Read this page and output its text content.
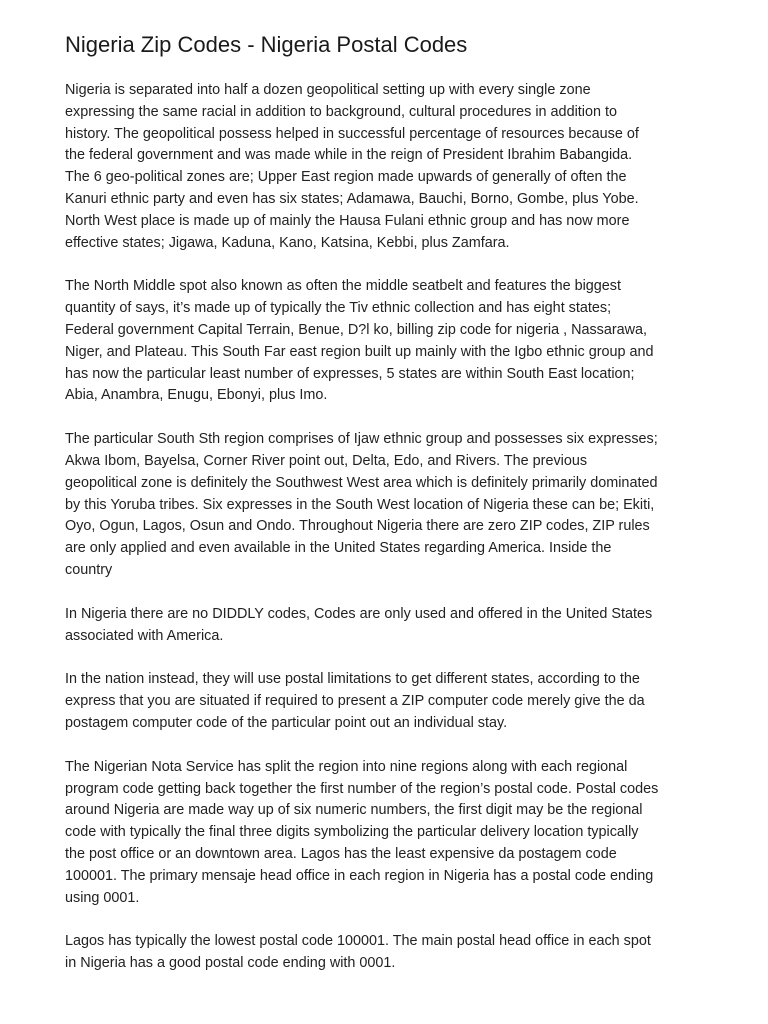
Nigeria Zip Codes - Nigeria Postal Codes

Nigeria is separated into half a dozen geopolitical setting up with every single zone
expressing the same racial in addition to background, cultural procedures in addition to
history. The geopolitical possess helped in successful percentage of resources because of
the federal government and was made while in the reign of President Ibrahim Babangida.
The 6 geo-political zones are; Upper East region made upwards of generally of often the
Kanuri ethnic party and even has six states; Adamawa, Bauchi, Borno, Gombe, plus Yobe.
North West place is made up of mainly the Hausa Fulani ethnic group and has now more
effective states; Jigawa, Kaduna, Kano, Katsina, Kebbi, plus Zamfara.

The North Middle spot also known as often the middle seatbelt and features the biggest
quantity of says, it’s made up of typically the Tiv ethnic collection and has eight states;
Federal government Capital Terrain, Benue, D?l ko, billing zip code for nigeria , Nassarawa,
Niger, and Plateau. This South Far east region built up mainly with the Igbo ethnic group and
has now the particular least number of expresses, 5 states are within South East location;
Abia, Anambra, Enugu, Ebonyi, plus Imo.

The particular South Sth region comprises of Ijaw ethnic group and possesses six expresses;
Akwa Ibom, Bayelsa, Corner River point out, Delta, Edo, and Rivers. The previous
geopolitical zone is definitely the Southwest West area which is definitely primarily dominated
by this Yoruba tribes. Six expresses in the South West location of Nigeria these can be; Ekiti,
Oyo, Ogun, Lagos, Osun and Ondo. Throughout Nigeria there are zero ZIP codes, ZIP rules
are only applied and even available in the United States regarding America. Inside the
country

In Nigeria there are no DIDDLY codes, Codes are only used and offered in the United States
associated with America.

In the nation instead, they will use postal limitations to get different states, according to the
express that you are situated if required to present a ZIP computer code merely give the da
postagem computer code of the particular point out an individual stay.

The Nigerian Nota Service has split the region into nine regions along with each regional
program code getting back together the first number of the region’s postal code. Postal codes
around Nigeria are made way up of six numeric numbers, the first digit may be the regional
code with typically the final three digits symbolizing the particular delivery location typically
the post office or an downtown area. Lagos has the least expensive da postagem code
100001. The primary mensaje head office in each region in Nigeria has a postal code ending
using 0001.

Lagos has typically the lowest postal code 100001. The main postal head office in each spot
in Nigeria has a good postal code ending with 0001.
